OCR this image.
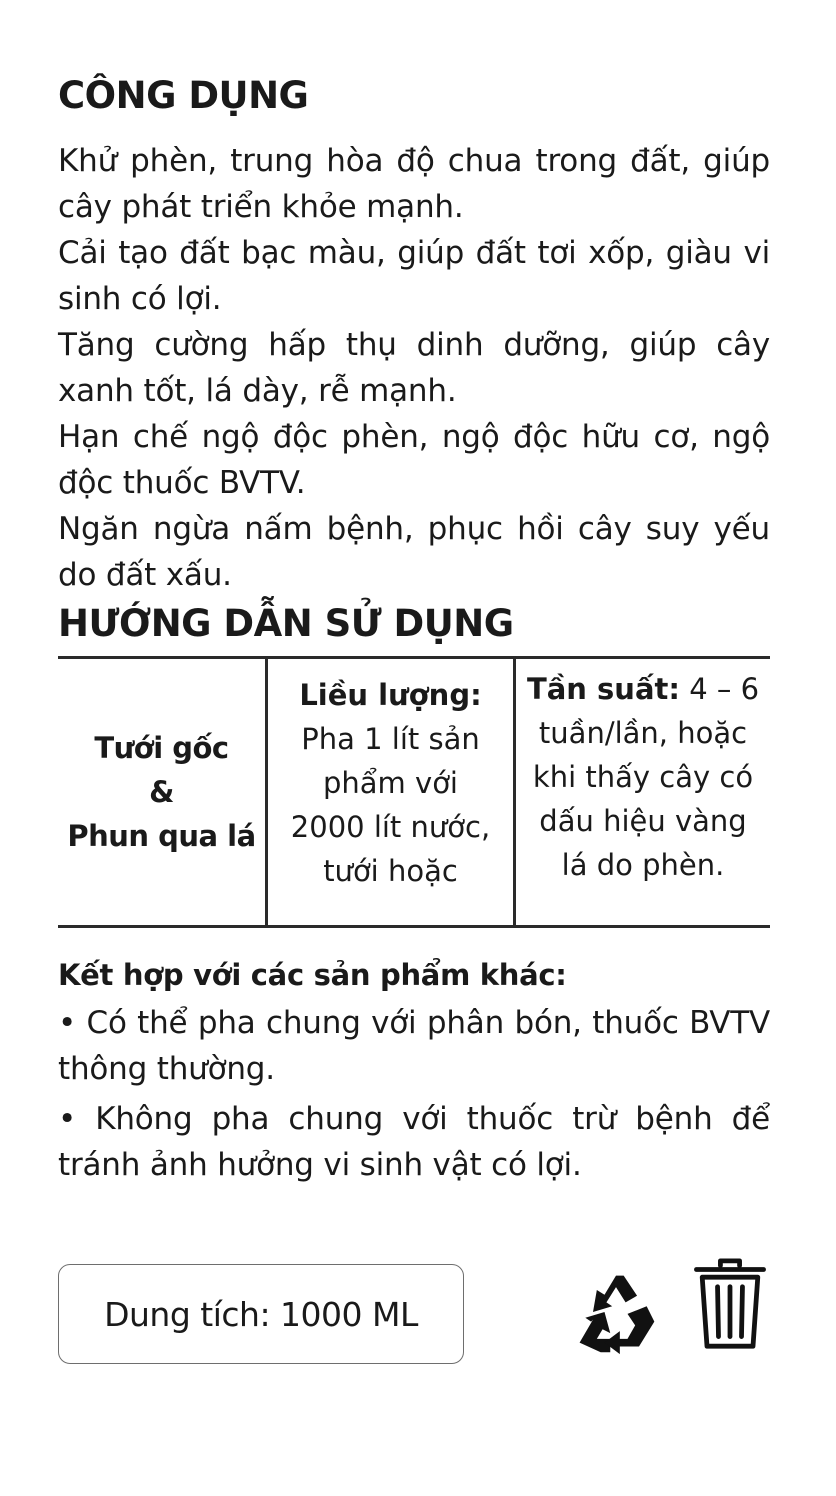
CÔNG DỤNG

Khử phèn, trung hòa độ chua trong đất, giúp cây phát triển khỏe mạnh.

Cải tạo đất bạc màu, giúp đất tơi xốp, giàu vi sinh có lợi.

Tăng cường hấp thụ dinh dưỡng, giúp cây xanh tốt, lá dày, rễ mạnh.

Hạn chế ngộ độc phèn, ngộ độc hữu cơ, ngộ độc thuốc BVTV.

Ngăn ngừa nấm bệnh, phục hồi cây suy yếu do đất xấu.

HƯỚNG DẪN SỬ DỤNG
Tưới gốc
&
Phun qua lá
Liều lượng:
Pha 1 lít sản
phẩm với
2000 lít nước,
tưới hoặc
Tần suất: 4 – 6
tuần/lần, hoặc
khi thấy cây có
dấu hiệu vàng
lá do phèn.
Kết hợp với các sản phẩm khác:

• Có thể pha chung với phân bón, thuốc BVTV thông thường.

• Không pha chung với thuốc trừ bệnh để tránh ảnh hưởng vi sinh vật có lợi.

Dung tích: 1000 ML
